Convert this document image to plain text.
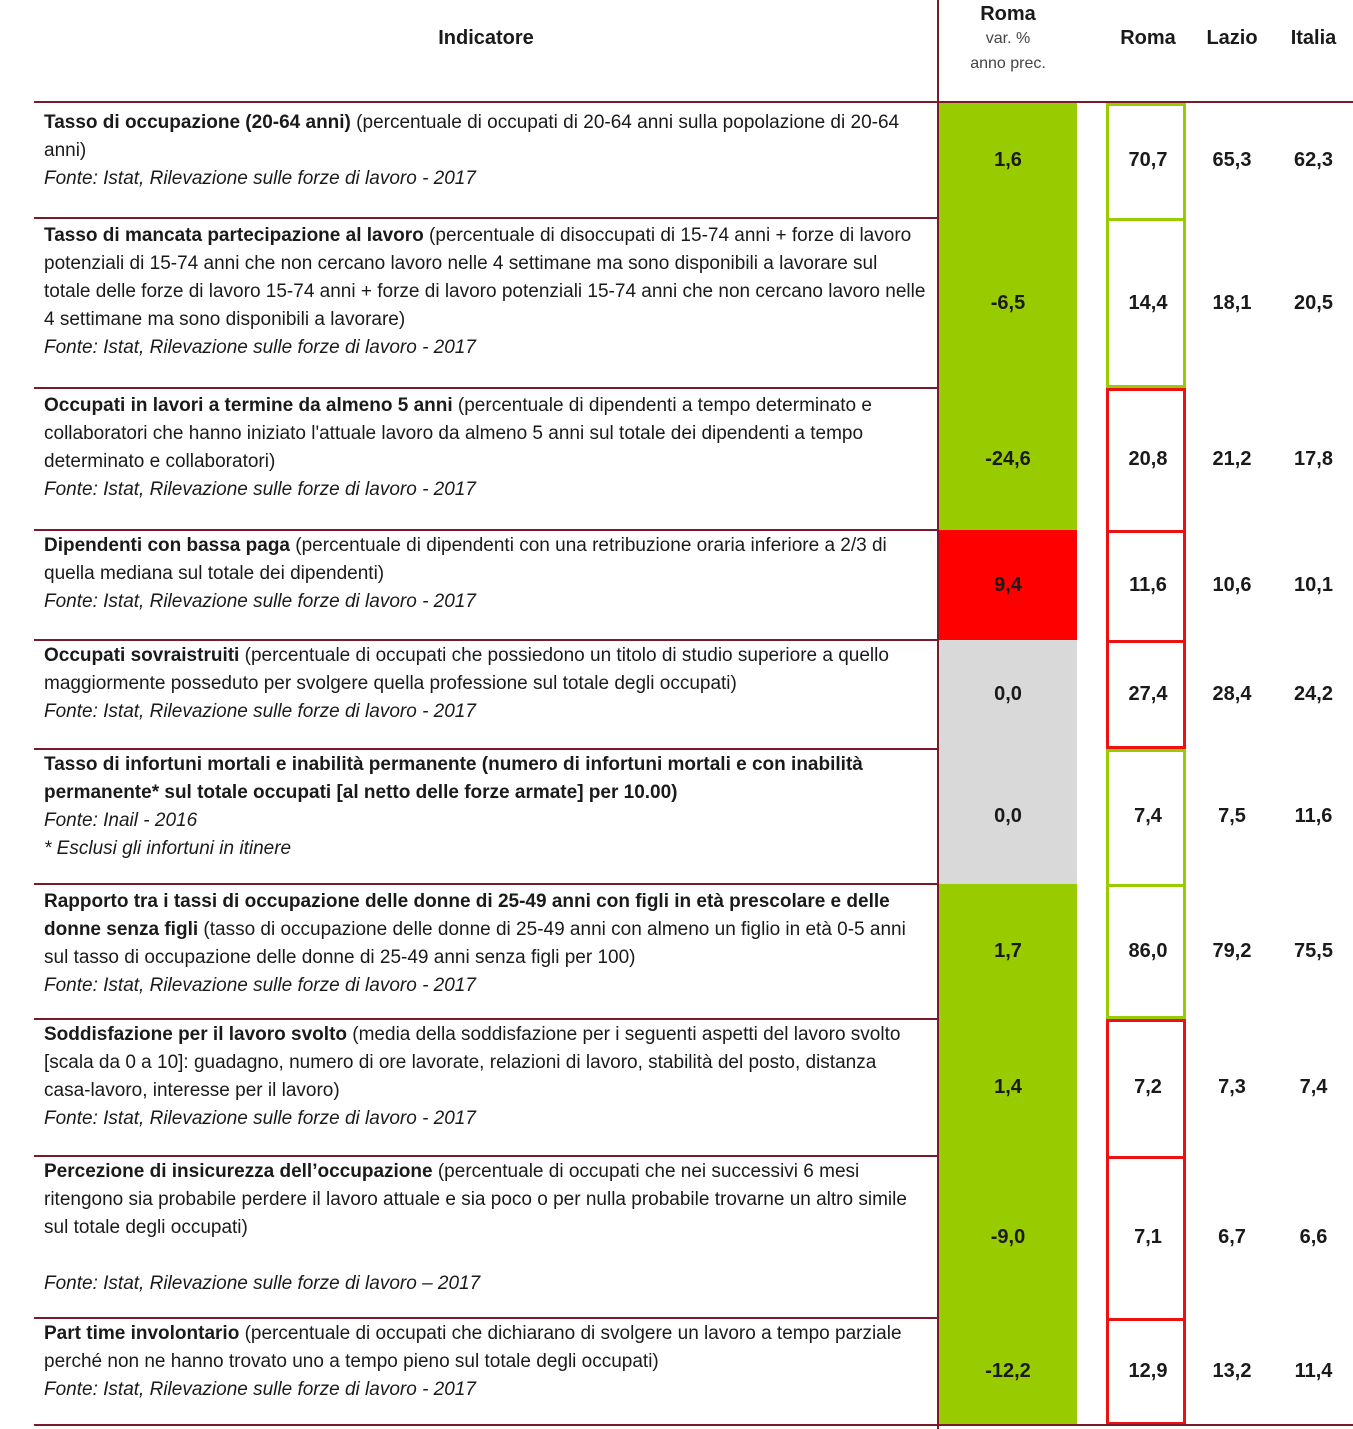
Indicatore
Roma
var. %
anno prec.
Roma	Lazio	Italia
Tasso di occupazione (20-64 anni) (percentuale di occupati di 20-64 anni sulla popolazione di 20-64 anni)
Fonte: Istat, Rilevazione sulle forze di lavoro - 2017
1,6	70,7	65,3	62,3
Tasso di mancata partecipazione al lavoro (percentuale di disoccupati di 15-74 anni + forze di lavoro potenziali di 15-74 anni che non cercano lavoro nelle 4 settimane ma sono disponibili a lavorare sul totale delle forze di lavoro 15-74 anni + forze di lavoro potenziali 15-74 anni che non cercano lavoro nelle 4 settimane ma sono disponibili a lavorare)
Fonte: Istat, Rilevazione sulle forze di lavoro - 2017
-6,5	14,4	18,1	20,5
Occupati in lavori a termine da almeno 5 anni (percentuale di dipendenti a tempo determinato e collaboratori che hanno iniziato l'attuale lavoro da almeno 5 anni sul totale dei dipendenti a tempo determinato e collaboratori)
Fonte: Istat, Rilevazione sulle forze di lavoro - 2017
-24,6	20,8	21,2	17,8
Dipendenti con bassa paga (percentuale di dipendenti con una retribuzione oraria inferiore a 2/3 di quella mediana sul totale dei dipendenti)
Fonte: Istat, Rilevazione sulle forze di lavoro - 2017
9,4	11,6	10,6	10,1
Occupati sovraistruiti (percentuale di occupati che possiedono un titolo di studio superiore a quello maggiormente posseduto per svolgere quella professione sul totale degli occupati)
Fonte: Istat, Rilevazione sulle forze di lavoro - 2017
0,0	27,4	28,4	24,2
Tasso di infortuni mortali e inabilità permanente (numero di infortuni mortali e con inabilità permanente* sul totale occupati [al netto delle forze armate] per 10.00)
Fonte: Inail - 2016
* Esclusi gli infortuni in itinere
0,0	7,4	7,5	11,6
Rapporto tra i tassi di occupazione delle donne di 25-49 anni con figli in età prescolare e delle donne senza figli (tasso di occupazione delle donne di 25-49 anni con almeno un figlio in età 0-5 anni sul tasso di occupazione delle donne di 25-49 anni senza figli per 100)
Fonte: Istat, Rilevazione sulle forze di lavoro - 2017
1,7	86,0	79,2	75,5
Soddisfazione per il lavoro svolto (media della soddisfazione per i seguenti aspetti del lavoro svolto [scala da 0 a 10]: guadagno, numero di ore lavorate, relazioni di lavoro, stabilità del posto, distanza casa-lavoro, interesse per il lavoro)
Fonte: Istat, Rilevazione sulle forze di lavoro - 2017
1,4	7,2	7,3	7,4
Percezione di insicurezza dell’occupazione (percentuale di occupati che nei successivi 6 mesi ritengono sia probabile perdere il lavoro attuale e sia poco o per nulla probabile trovarne un altro simile sul totale degli occupati)
Fonte: Istat, Rilevazione sulle forze di lavoro – 2017
-9,0	7,1	6,7	6,6
Part time involontario (percentuale di occupati che dichiarano di svolgere un lavoro a tempo parziale perché non ne hanno trovato uno a tempo pieno sul totale degli occupati)
Fonte: Istat, Rilevazione sulle forze di lavoro - 2017
-12,2	12,9	13,2	11,4
